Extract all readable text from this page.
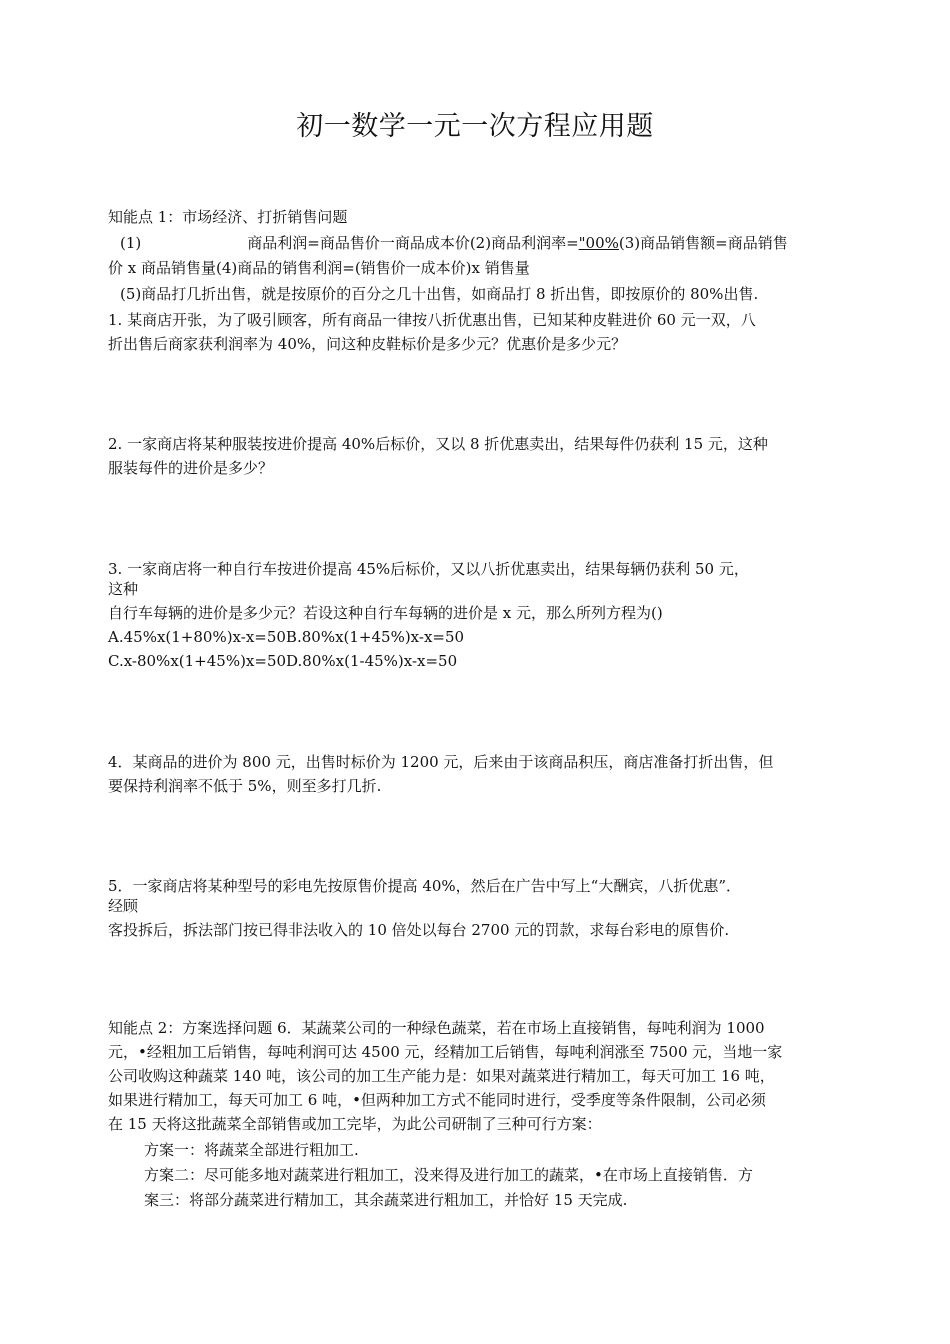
初一数学一元一次方程应用题
知能点 1：市场经济、打折销售问题
(1)	商品利润=商品售价一商品成本价(2)商品利润率="00%(3)商品销售额=商品销售
价 x 商品销售量(4)商品的销售利润=(销售价一成本价)x 销售量
(5)商品打几折出售，就是按原价的百分之几十出售，如商品打 8 折出售，即按原价的 80%出售.
1. 某商店开张，为了吸引顾客，所有商品一律按八折优惠出售，已知某种皮鞋进价 60 元一双，八
折出售后商家获利润率为 40%，问这种皮鞋标价是多少元？优惠价是多少元？
2. 一家商店将某种服装按进价提高 40%后标价，又以 8 折优惠卖出，结果每件仍获利 15 元，这种
服装每件的进价是多少？
3. 一家商店将一种自行车按进价提高 45%后标价，又以八折优惠卖出，结果每辆仍获利 50 元，
这种
自行车每辆的进价是多少元？若设这种自行车每辆的进价是 x 元，那么所列方程为()
A.45%x(1+80%)x-x=50B.80%x(1+45%)x-x=50
C.x-80%x(1+45%)x=50D.80%x(1-45%)x-x=50
4．某商品的进价为 800 元，出售时标价为 1200 元，后来由于该商品积压，商店准备打折出售，但
要保持利润率不低于 5%，则至多打几折.
5．一家商店将某种型号的彩电先按原售价提高 40%，然后在广告中写上“大酬宾，八折优惠”．
经顾
客投拆后，拆法部门按已得非法收入的 10 倍处以每台 2700 元的罚款，求每台彩电的原售价.
知能点 2：方案选择问题 6．某蔬菜公司的一种绿色蔬菜，若在市场上直接销售，每吨利润为 1000
元，•经粗加工后销售，每吨利润可达 4500 元，经精加工后销售，每吨利润涨至 7500 元，当地一家
公司收购这种蔬菜 140 吨，该公司的加工生产能力是：如果对蔬菜进行精加工，每天可加工 16 吨，
如果进行精加工，每天可加工 6 吨，•但两种加工方式不能同时进行，受季度等条件限制，公司必须
在 15 天将这批蔬菜全部销售或加工完毕，为此公司研制了三种可行方案：
方案一：将蔬菜全部进行粗加工.
方案二：尽可能多地对蔬菜进行粗加工，没来得及进行加工的蔬菜，•在市场上直接销售．方
案三：将部分蔬菜进行精加工，其余蔬菜进行粗加工，并恰好 15 天完成.
